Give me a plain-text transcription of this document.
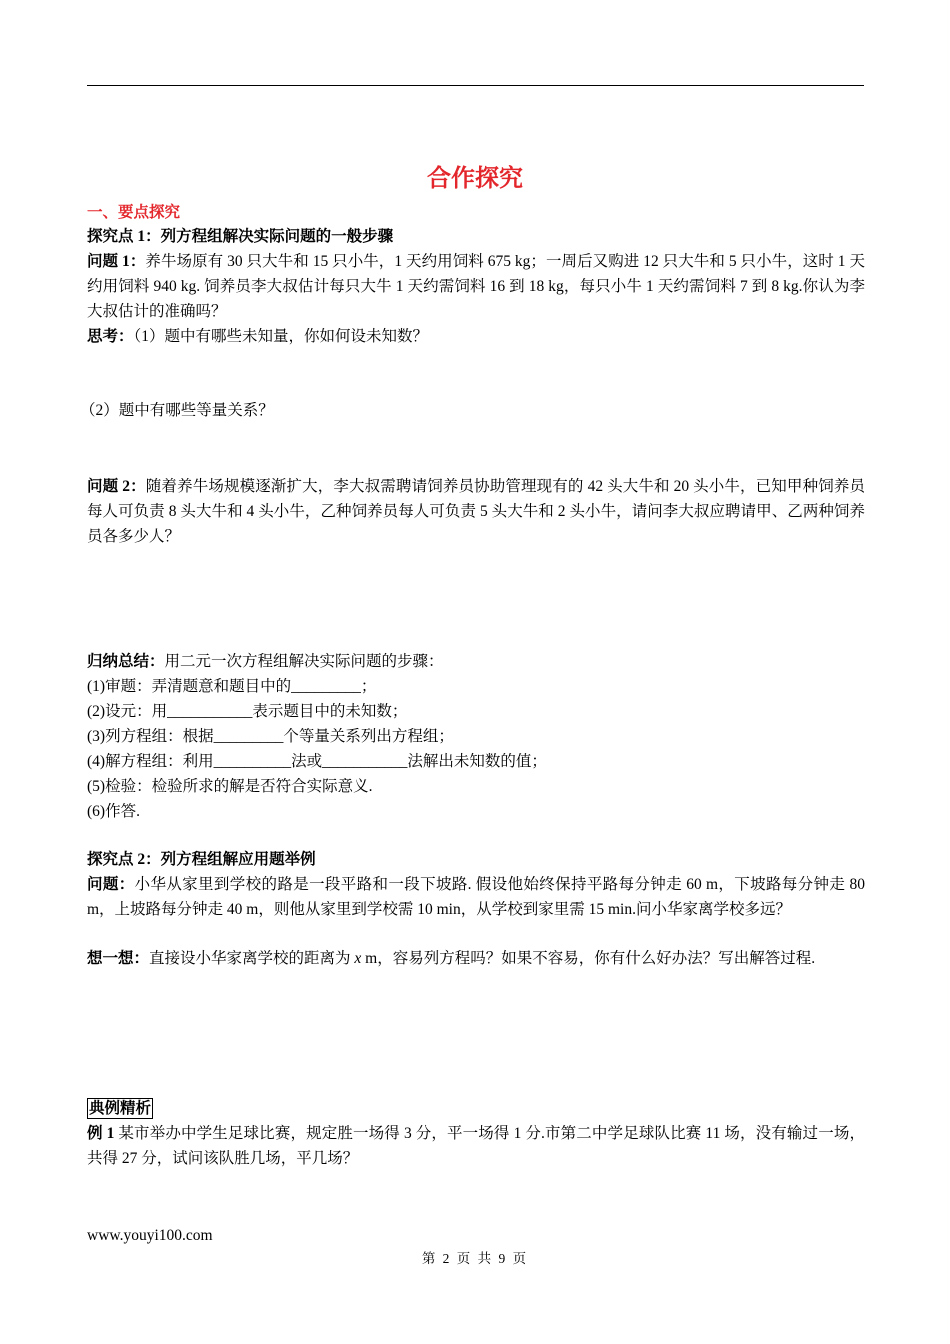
合作探究
一、要点探究
探究点 1：列方程组解决实际问题的一般步骤
问题 1：养牛场原有 30 只大牛和 15 只小牛，1 天约用饲料 675 kg；一周后又购进 12 只大牛和 5 只小牛，这时 1 天约用饲料 940 kg. 饲养员李大叔估计每只大牛 1 天约需饲料 16 到 18 kg，每只小牛 1 天约需饲料 7 到 8 kg.你认为李大叔估计的准确吗？
思考：（1）题中有哪些未知量，你如何设未知数？
（2）题中有哪些等量关系？
问题 2：随着养牛场规模逐渐扩大，李大叔需聘请饲养员协助管理现有的 42 头大牛和 20 头小牛，已知甲种饲养员每人可负责 8 头大牛和 4 头小牛，乙种饲养员每人可负责 5 头大牛和 2 头小牛，请问李大叔应聘请甲、乙两种饲养员各多少人？
归纳总结：用二元一次方程组解决实际问题的步骤：
(1)审题：弄清题意和题目中的_________；
(2)设元：用___________表示题目中的未知数；
(3)列方程组：根据_________个等量关系列出方程组；
(4)解方程组：利用__________法或___________法解出未知数的值；
(5)检验：检验所求的解是否符合实际意义.
(6)作答.
探究点 2：列方程组解应用题举例
问题：小华从家里到学校的路是一段平路和一段下坡路. 假设他始终保持平路每分钟走 60 m，下坡路每分钟走 80 m，上坡路每分钟走 40 m，则他从家里到学校需 10 min，从学校到家里需 15 min.问小华家离学校多远？
想一想：直接设小华家离学校的距离为 x m，容易列方程吗？如果不容易，你有什么好办法？写出解答过程.
典例精析
例 1 某市举办中学生足球比赛，规定胜一场得 3 分，平一场得 1 分.市第二中学足球队比赛 11 场，没有输过一场，共得 27 分，试问该队胜几场，平几场？
www.youyi100.com
第 2 页 共 9 页
